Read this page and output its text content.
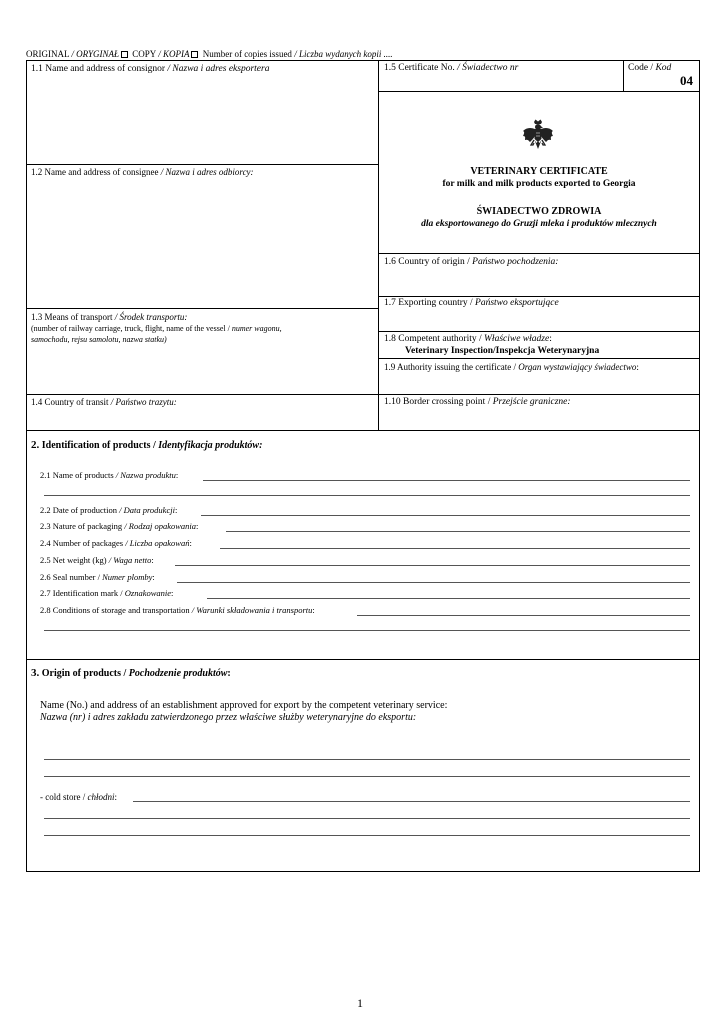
ORIGINAL / ORYGINAŁ COPY / KOPIA Number of copies issued / Liczba wydanych kopii ....
1.1 Name and address of consignor / Nazwa i adres eksportera
1.2 Name and address of consignee / Nazwa i adres odbiorcy:
1.3 Means of transport / Środek transportu:
(number of railway carriage, truck, flight, name of the vessel / numer wagonu,
samochodu, rejsu samolotu, nazwa statku)
1.4 Country of transit / Państwo trazytu:
1.5 Certificate No. / Świadectwo nr	Code / Kod
04
VETERINARY CERTIFICATE
for milk and milk products exported to Georgia
ŚWIADECTWO ZDROWIA
dla eksportowanego do Gruzji mleka i produktów mlecznych
1.6 Country of origin / Państwo pochodzenia:
1.7 Exporting country / Państwo eksportujące
1.8 Competent authority / Właściwe władze:
Veterinary Inspection/Inspekcja Weterynaryjna
1.9 Authority issuing the certificate / Organ wystawiający świadectwo:
1.10 Border crossing point / Przejście graniczne:
2. Identification of products / Identyfikacja produktów:
2.1 Name of products / Nazwa produktu:
2.2 Date of production / Data produkcji:
2.3 Nature of packaging / Rodzaj opakowania:
2.4 Number of packages / Liczba opakowań:
2.5 Net weight (kg) / Waga netto:
2.6 Seal number / Numer plomby:
2.7 Identification mark / Oznakowanie:
2.8 Conditions of storage and transportation / Warunki składowania i transportu:
3. Origin of products / Pochodzenie produktów:
Name (No.) and address of an establishment approved for export by the competent veterinary service:
Nazwa (nr) i adres zakładu zatwierdzonego przez właściwe służby weterynaryjne do eksportu:
- cold store / chłodni:
1
